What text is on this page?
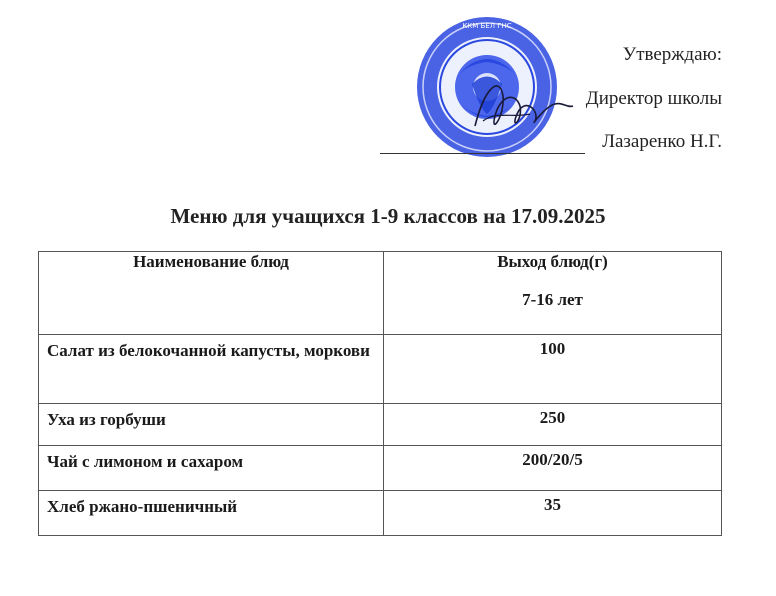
ККМ БЕЛ ГНС
Утверждаю:
Директор школы
Лазаренко Н.Г.
Меню для учащихся 1-9 классов на 17.09.2025
Наименование блюд	Выход блюд(г)
7-16 лет

Салат из белокочанной капусты, моркови	100
Уха из горбуши	250
Чай с лимоном и сахаром	200/20/5
Хлеб ржано-пшеничный	35
